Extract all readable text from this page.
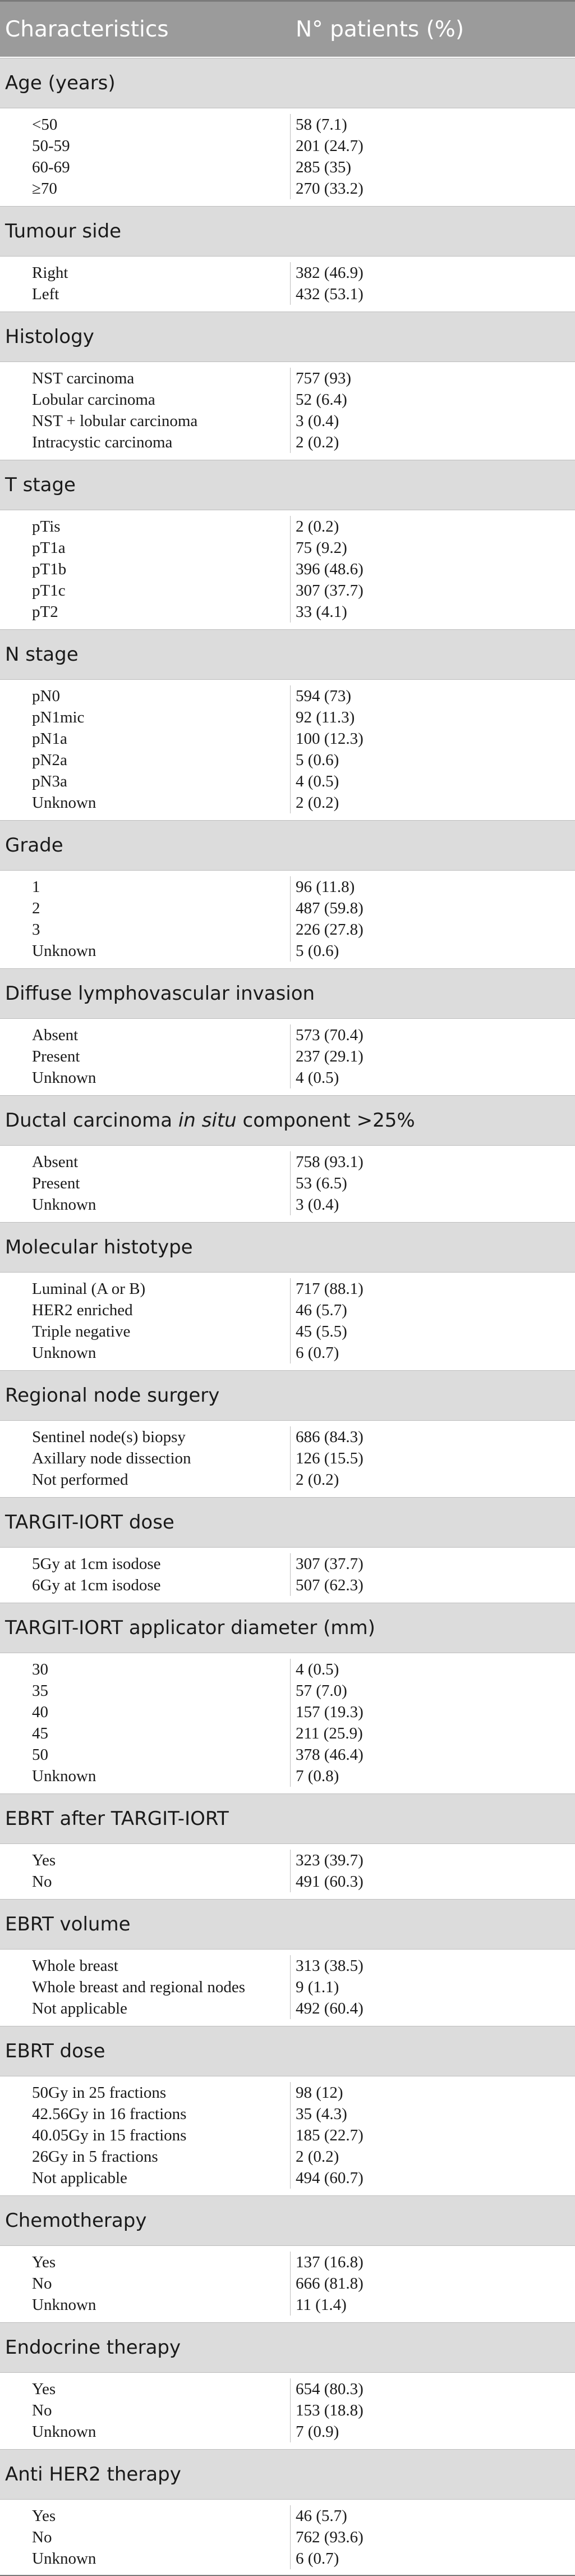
Characteristics	N° patients (%)
Age (years)
<50
50-59
60-69
≥70
58 (7.1)
201 (24.7)
285 (35)
270 (33.2)
Tumour side
Right
Left
382 (46.9)
432 (53.1)
Histology
NST carcinoma
Lobular carcinoma
NST + lobular carcinoma
Intracystic carcinoma
757 (93)
52 (6.4)
3 (0.4)
2 (0.2)
T stage
pTis
pT1a
pT1b
pT1c
pT2
2 (0.2)
75 (9.2)
396 (48.6)
307 (37.7)
33 (4.1)
N stage
pN0
pN1mic
pN1a
pN2a
pN3a
Unknown
594 (73)
92 (11.3)
100 (12.3)
5 (0.6)
4 (0.5)
2 (0.2)
Grade
1
2
3
Unknown
96 (11.8)
487 (59.8)
226 (27.8)
5 (0.6)
Diffuse lymphovascular invasion
Absent
Present
Unknown
573 (70.4)
237 (29.1)
4 (0.5)
Ductal carcinoma in situ component >25%
Absent
Present
Unknown
758 (93.1)
53 (6.5)
3 (0.4)
Molecular histotype
Luminal (A or B)
HER2 enriched
Triple negative
Unknown
717 (88.1)
46 (5.7)
45 (5.5)
6 (0.7)
Regional node surgery
Sentinel node(s) biopsy
Axillary node dissection
Not performed
686 (84.3)
126 (15.5)
2 (0.2)
TARGIT-IORT dose
5Gy at 1cm isodose
6Gy at 1cm isodose
307 (37.7)
507 (62.3)
TARGIT-IORT applicator diameter (mm)
30
35
40
45
50
Unknown
4 (0.5)
57 (7.0)
157 (19.3)
211 (25.9)
378 (46.4)
7 (0.8)
EBRT after TARGIT-IORT
Yes
No
323 (39.7)
491 (60.3)
EBRT volume
Whole breast
Whole breast and regional nodes
Not applicable
313 (38.5)
9 (1.1)
492 (60.4)
EBRT dose
50Gy in 25 fractions
42.56Gy in 16 fractions
40.05Gy in 15 fractions
26Gy in 5 fractions
Not applicable
98 (12)
35 (4.3)
185 (22.7)
2 (0.2)
494 (60.7)
Chemotherapy
Yes
No
Unknown
137 (16.8)
666 (81.8)
11 (1.4)
Endocrine therapy
Yes
No
Unknown
654 (80.3)
153 (18.8)
7 (0.9)
Anti HER2 therapy
Yes
No
Unknown
46 (5.7)
762 (93.6)
6 (0.7)
